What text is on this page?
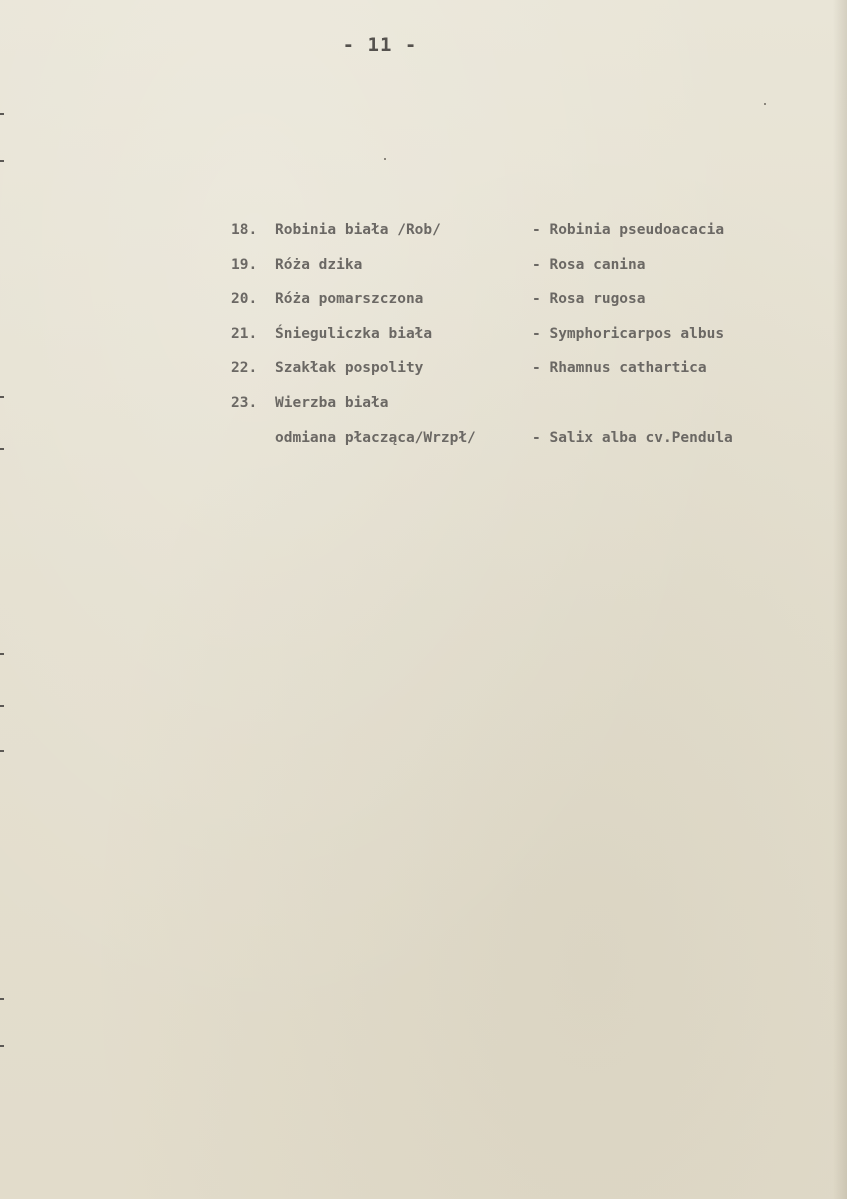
- 11 -
18. Robinia biała /Rob/	- Robinia pseudoacacia
19. Róża dzika	- Rosa canina
20. Róża pomarszczona	- Rosa rugosa
21. Śnieguliczka biała	- Symphoricarpos albus
22. Szakłak pospolity	- Rhamnus cathartica
23. Wierzba biała
odmiana płacząca/Wrzpł/	- Salix alba cv.Pendula
